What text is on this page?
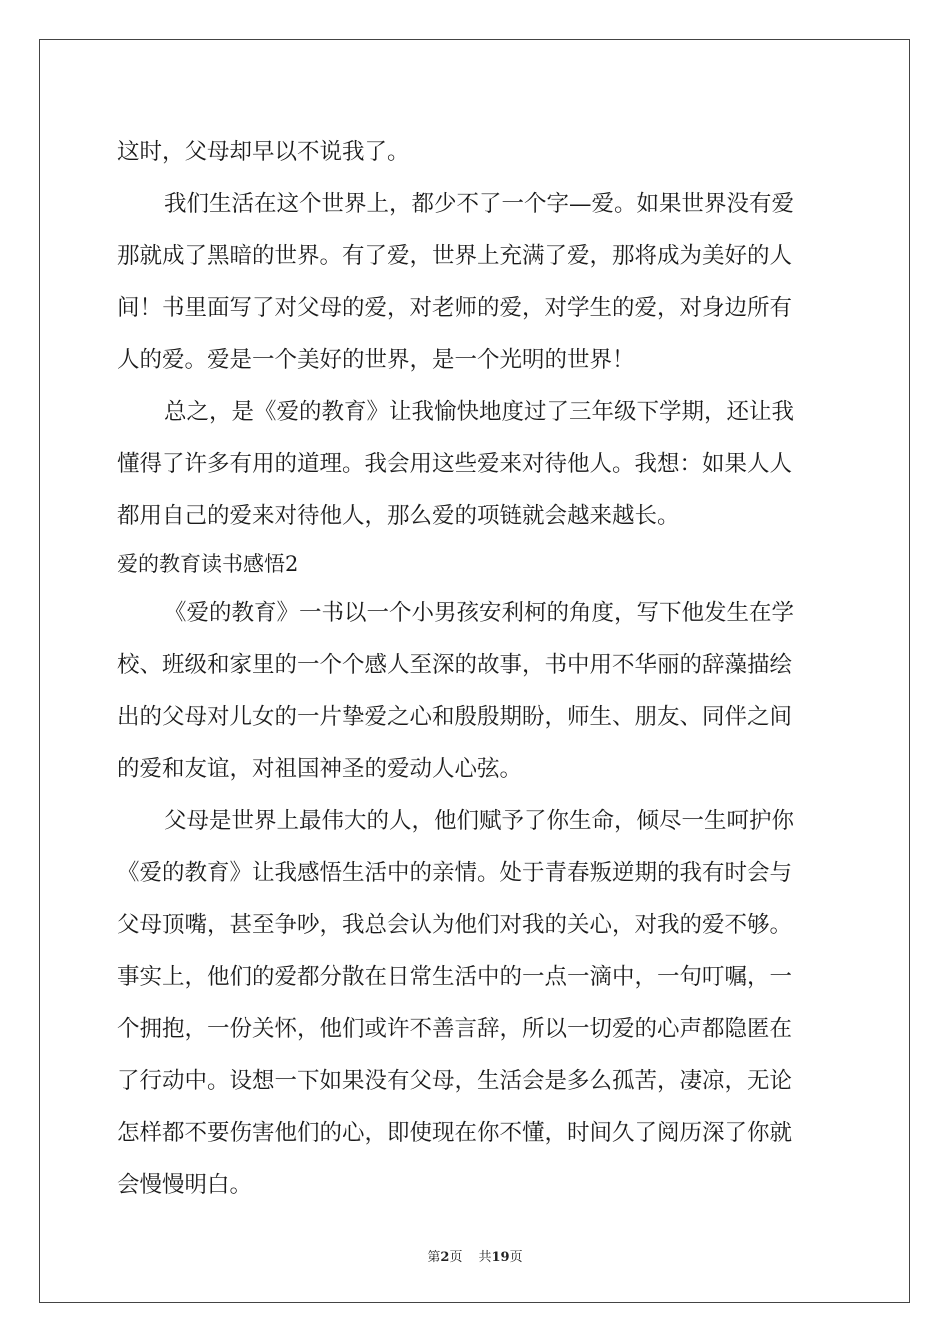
这时，父母却早以不说我了。
我们生活在这个世界上，都少不了一个字—爱。如果世界没有爱
那就成了黑暗的世界。有了爱，世界上充满了爱，那将成为美好的人
间！书里面写了对父母的爱，对老师的爱，对学生的爱，对身边所有
人的爱。爱是一个美好的世界，是一个光明的世界！
总之，是《爱的教育》让我愉快地度过了三年级下学期，还让我
懂得了许多有用的道理。我会用这些爱来对待他人。我想：如果人人
都用自己的爱来对待他人，那么爱的项链就会越来越长。
爱的教育读书感悟2
《爱的教育》一书以一个小男孩安利柯的角度，写下他发生在学
校、班级和家里的一个个感人至深的故事，书中用不华丽的辞藻描绘
出的父母对儿女的一片挚爱之心和殷殷期盼，师生、朋友、同伴之间
的爱和友谊，对祖国神圣的爱动人心弦。
父母是世界上最伟大的人，他们赋予了你生命，倾尽一生呵护你
《爱的教育》让我感悟生活中的亲情。处于青春叛逆期的我有时会与
父母顶嘴，甚至争吵，我总会认为他们对我的关心，对我的爱不够。
事实上，他们的爱都分散在日常生活中的一点一滴中，一句叮嘱，一
个拥抱，一份关怀，他们或许不善言辞，所以一切爱的心声都隐匿在
了行动中。设想一下如果没有父母，生活会是多么孤苦，凄凉，无论
怎样都不要伤害他们的心，即使现在你不懂，时间久了阅历深了你就
会慢慢明白。
第2页 共19页
